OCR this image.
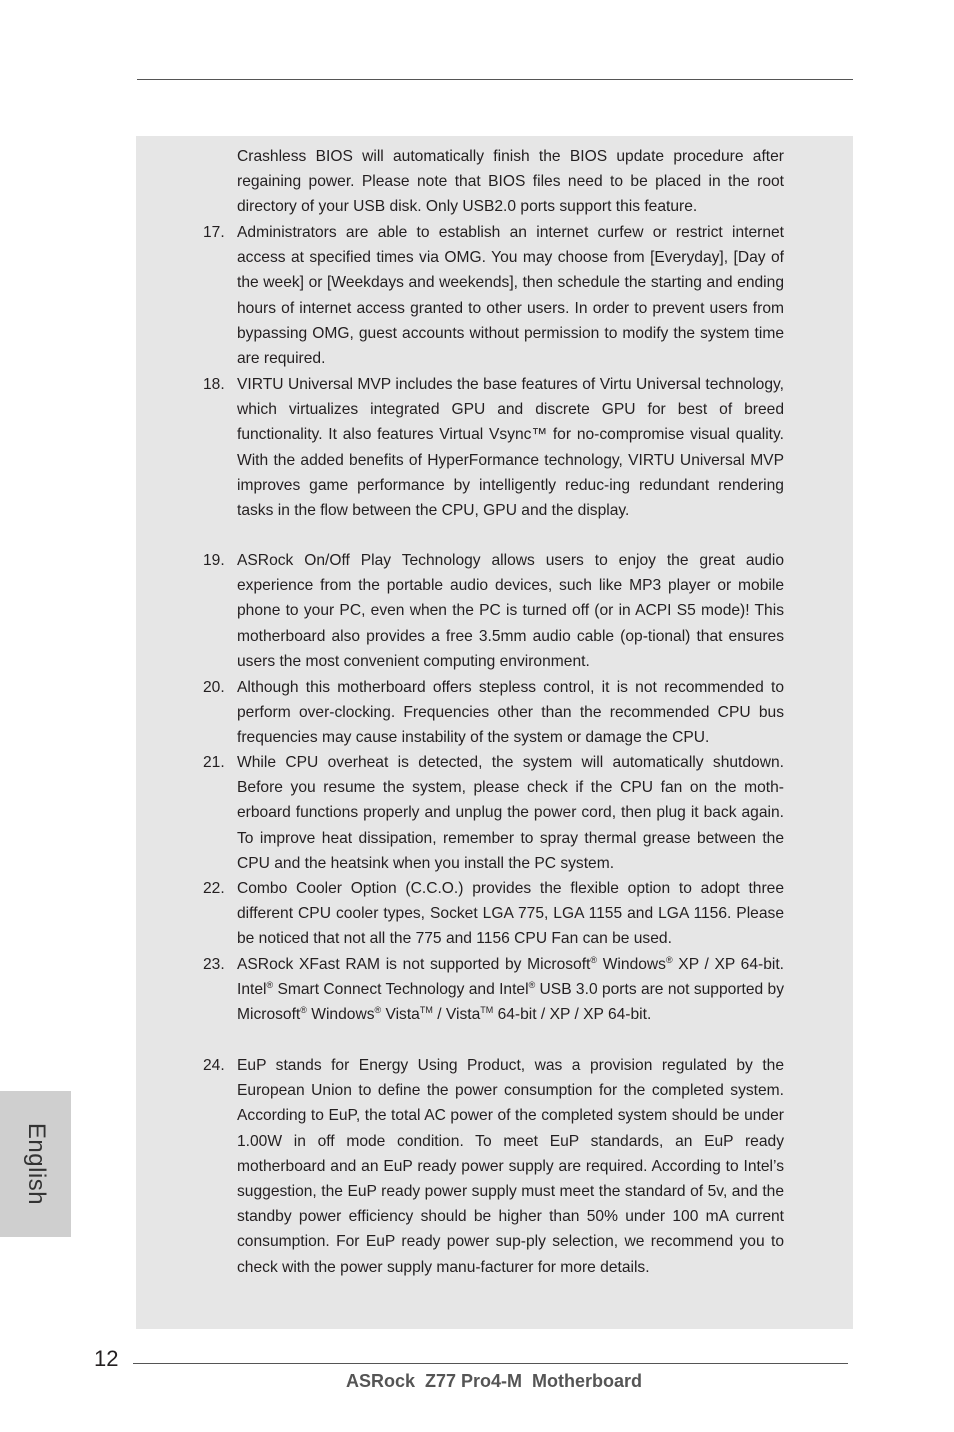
Crashless BIOS will automatically finish the BIOS update procedure after regaining power. Please note that BIOS files need to be placed in the root directory of your USB disk. Only USB2.0 ports support this feature.

17. Administrators are able to establish an internet curfew or restrict internet access at specified times via OMG. You may choose from [Everyday], [Day of the week] or [Weekdays and weekends], then schedule the starting and ending hours of internet access granted to other users. In order to prevent users from bypassing OMG, guest accounts without permission to modify the system time are required.

18. VIRTU Universal MVP includes the base features of Virtu Universal technology, which virtualizes integrated GPU and discrete GPU for best of breed functionality. It also features Virtual Vsync™ for no-compromise visual quality. With the added benefits of HyperFormance technology, VIRTU Universal MVP improves game performance by intelligently reduc-ing redundant rendering tasks in the flow between the CPU, GPU and the display.

19. ASRock On/Off Play Technology allows users to enjoy the great audio experience from the portable audio devices, such like MP3 player or mobile phone to your PC, even when the PC is turned off (or in ACPI S5 mode)! This motherboard also provides a free 3.5mm audio cable (op-tional) that ensures users the most convenient computing environment.

20. Although this motherboard offers stepless control, it is not recommended to perform over-clocking. Frequencies other than the recommended CPU bus frequencies may cause instability of the system or damage the CPU.

21. While CPU overheat is detected, the system will automatically shutdown. Before you resume the system, please check if the CPU fan on the moth-erboard functions properly and unplug the power cord, then plug it back again. To improve heat dissipation, remember to spray thermal grease between the CPU and the heatsink when you install the PC system.

22. Combo Cooler Option (C.C.O.) provides the flexible option to adopt three different CPU cooler types, Socket LGA 775, LGA 1155 and LGA 1156. Please be noticed that not all the 775 and 1156 CPU Fan can be used.

23. ASRock XFast RAM is not supported by Microsoft® Windows® XP / XP 64-bit. Intel® Smart Connect Technology and Intel® USB 3.0 ports are not supported by Microsoft® Windows® Vista™ / Vista™ 64-bit / XP / XP 64-bit.

24. EuP stands for Energy Using Product, was a provision regulated by the European Union to define the power consumption for the completed system. According to EuP, the total AC power of the completed system should be under 1.00W in off mode condition. To meet EuP standards, an EuP ready motherboard and an EuP ready power supply are required. According to Intel’s suggestion, the EuP ready power supply must meet the standard of 5v, and the standby power efficiency should be higher than 50% under 100 mA current consumption. For EuP ready power sup-ply selection, we recommend you to check with the power supply manu-facturer for more details.

English
12
ASRock  Z77 Pro4-M  Motherboard
